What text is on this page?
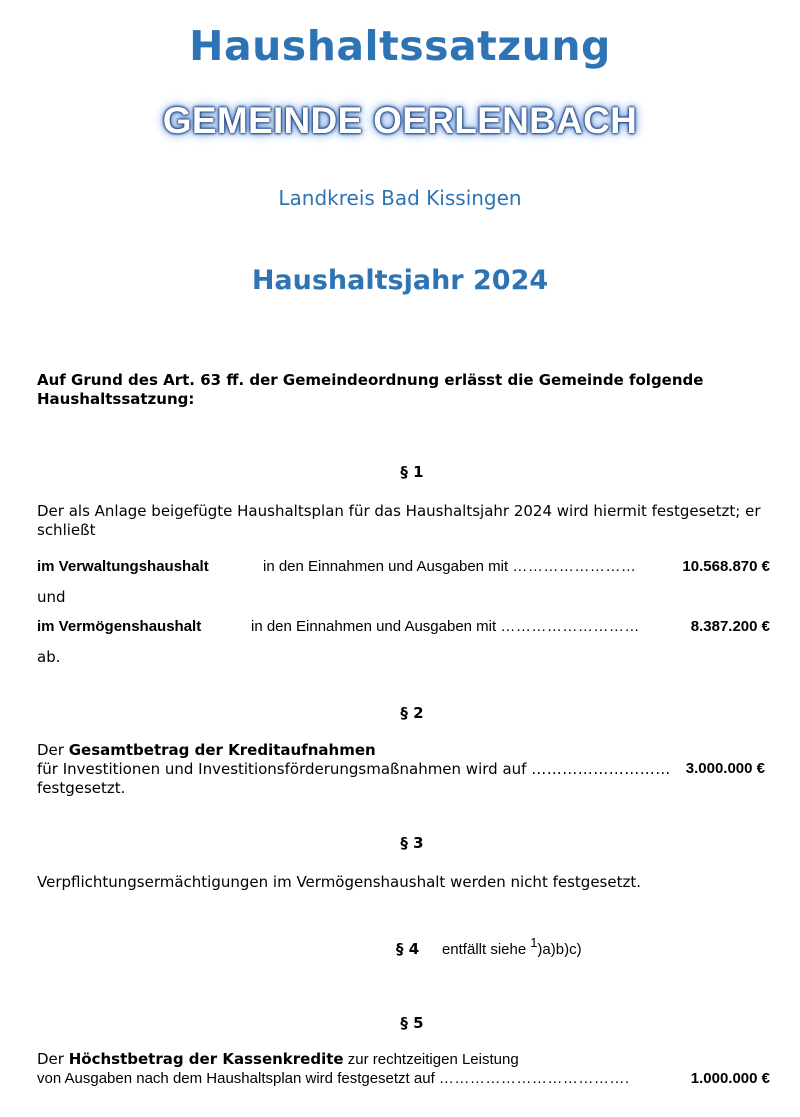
Haushaltssatzung
GEMEINDE OERLENBACH
Landkreis Bad Kissingen
Haushaltsjahr 2024
Auf Grund des Art. 63 ff. der Gemeindeordnung erlässt die Gemeinde folgende Haushaltssatzung:
§ 1
Der als Anlage beigefügte Haushaltsplan für das Haushaltsjahr 2024 wird hiermit festgesetzt; er schließt
im Verwaltungshaushalt	in den Einnahmen und Ausgaben mit ……………………	10.568.870 €
und
im Vermögenshaushalt	in den Einnahmen und Ausgaben mit ………………………	8.387.200 €
ab.
§ 2
Der Gesamtbetrag der Kreditaufnahmen
für Investitionen und Investitionsförderungsmaßnahmen wird auf ……………………… 3.000.000 €
festgesetzt.
§ 3
Verpflichtungsermächtigungen im Vermögenshaushalt werden nicht festgesetzt.
§ 4 entfällt siehe $^1$)a)b)c)
§ 5
Der Höchstbetrag der Kassenkredite zur rechtzeitigen Leistung
von Ausgaben nach dem Haushaltsplan wird festgesetzt auf ……………………………….	1.000.000 €
